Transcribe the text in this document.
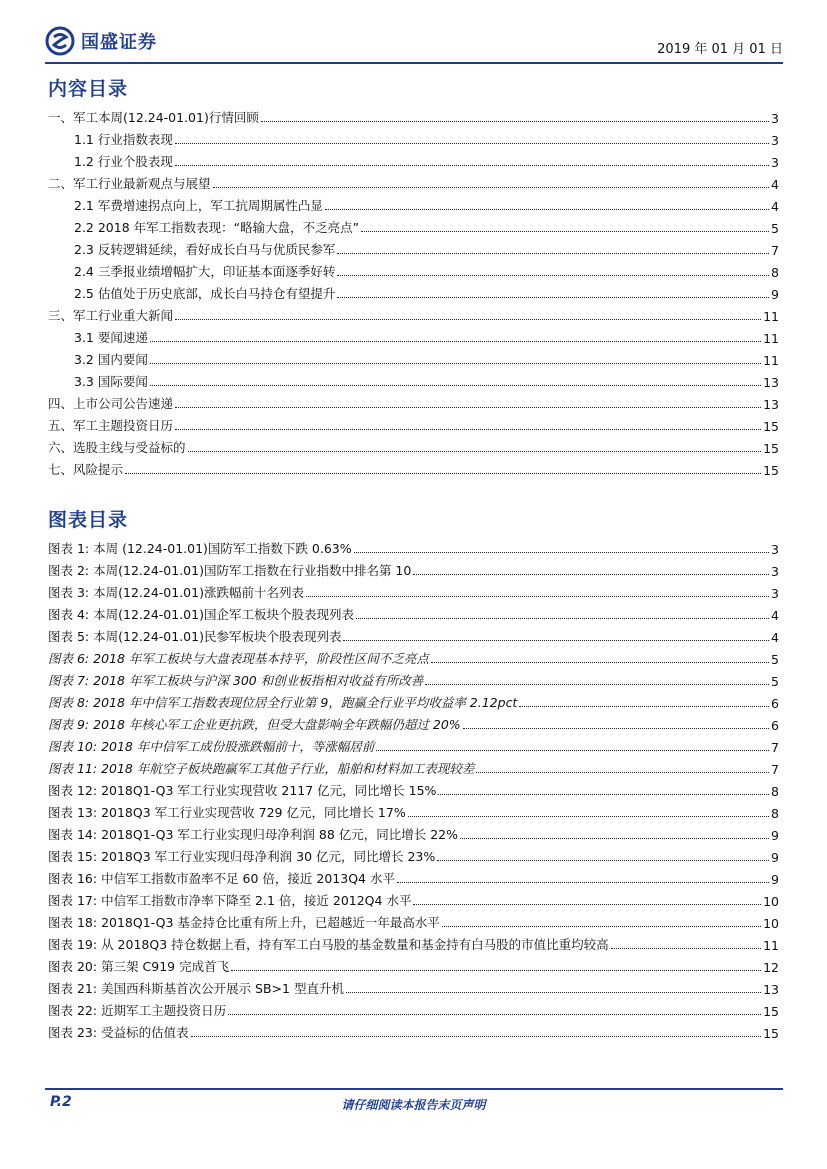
国盛证券	2019 年 01 月 01 日
内容目录
一、军工本周(12.24-01.01)行情回顾	3
1.1 行业指数表现	3
1.2 行业个股表现	3
二、军工行业最新观点与展望	4
2.1 军费增速拐点向上，军工抗周期属性凸显	4
2.2 2018 年军工指数表现：“略输大盘，不乏亮点”	5
2.3 反转逻辑延续，看好成长白马与优质民参军	7
2.4 三季报业绩增幅扩大，印证基本面逐季好转	8
2.5 估值处于历史底部，成长白马持仓有望提升	9
三、军工行业重大新闻	11
3.1 要闻速递	11
3.2 国内要闻	11
3.3 国际要闻	13
四、上市公司公告速递	13
五、军工主题投资日历	15
六、选股主线与受益标的	15
七、风险提示	15
图表目录
图表 1: 本周 (12.24-01.01)国防军工指数下跌 0.63%	3
图表 2: 本周(12.24-01.01)国防军工指数在行业指数中排名第 10	3
图表 3: 本周(12.24-01.01)涨跌幅前十名列表	3
图表 4: 本周(12.24-01.01)国企军工板块个股表现列表	4
图表 5: 本周(12.24-01.01)民参军板块个股表现列表	4
图表 6: 2018 年军工板块与大盘表现基本持平，阶段性区间不乏亮点	5
图表 7: 2018 年军工板块与沪深 300 和创业板指相对收益有所改善	5
图表 8: 2018 年中信军工指数表现位居全行业第 9，跑赢全行业平均收益率 2.12pct	6
图表 9: 2018 年核心军工企业更抗跌，但受大盘影响全年跌幅仍超过 20%	6
图表 10: 2018 年中信军工成份股涨跌幅前十，等涨幅居前	7
图表 11: 2018 年航空子板块跑赢军工其他子行业，船舶和材料加工表现较差	7
图表 12: 2018Q1-Q3 军工行业实现营收 2117 亿元，同比增长 15%	8
图表 13: 2018Q3 军工行业实现营收 729 亿元，同比增长 17%	8
图表 14: 2018Q1-Q3 军工行业实现归母净利润 88 亿元，同比增长 22%	9
图表 15: 2018Q3 军工行业实现归母净利润 30 亿元，同比增长 23%	9
图表 16: 中信军工指数市盈率不足 60 倍，接近 2013Q4 水平	9
图表 17: 中信军工指数市净率下降至 2.1 倍，接近 2012Q4 水平	10
图表 18: 2018Q1-Q3 基金持仓比重有所上升，已超越近一年最高水平	10
图表 19: 从 2018Q3 持仓数据上看，持有军工白马股的基金数量和基金持有白马股的市值比重均较高	11
图表 20: 第三架 C919 完成首飞	12
图表 21: 美国西科斯基首次公开展示 SB>1 型直升机	13
图表 22: 近期军工主题投资日历	15
图表 23: 受益标的估值表	15
P.2	请仔细阅读本报告末页声明
